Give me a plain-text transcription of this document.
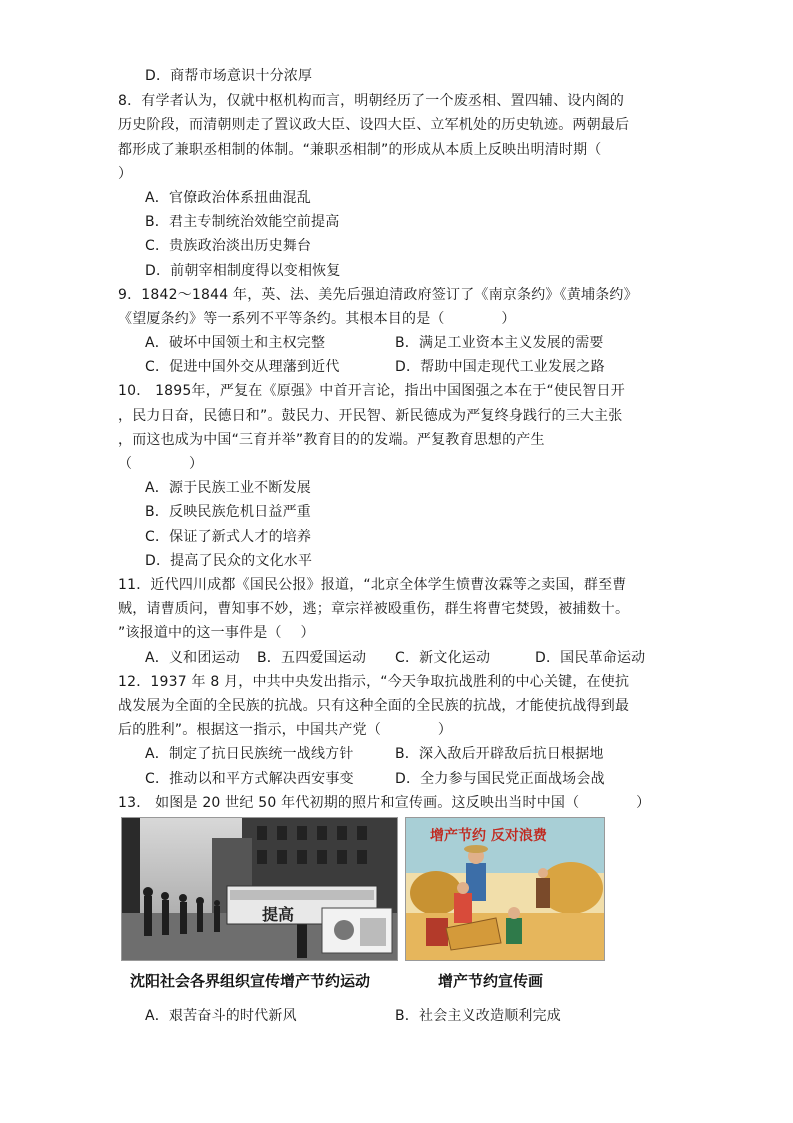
D．商帮市场意识十分浓厚
8．有学者认为，仅就中枢机构而言，明朝经历了一个废丞相、置四辅、设内阁的
历史阶段，而清朝则走了置议政大臣、设四大臣、立军机处的历史轨迹。两朝最后
都形成了兼职丞相制的体制。“兼职丞相制”的形成从本质上反映出明清时期（
）
A．官僚政治体系扭曲混乱
B．君主专制统治效能空前提高
C．贵族政治淡出历史舞台
D．前朝宰相制度得以变相恢复
9．1842～1844 年，英、法、美先后强迫清政府签订了《南京条约》《黄埔条约》
《望厦条约》等一系列不平等条约。其根本目的是（　　　　）
A．破坏中国领土和主权完整	B．满足工业资本主义发展的需要
C．促进中国外交从理藩到近代	D．帮助中国走现代工业发展之路
10． 1895年，严复在《原强》中首开言论，指出中国图强之本在于“使民智日开
，民力日奋，民德日和”。鼓民力、开民智、新民德成为严复终身践行的三大主张
，而这也成为中国“三育并举”教育目的的发端。严复教育思想的产生
（　　　　）
A．源于民族工业不断发展
B．反映民族危机日益严重
C．保证了新式人才的培养
D．提高了民众的文化水平
11．近代四川成都《国民公报》报道，“北京全体学生愤曹汝霖等之卖国，群至曹
贼，请曹质问，曹知事不妙，逃；章宗祥被殴重伤，群生将曹宅焚毁，被捕数十。
”该报道中的这一事件是（　 ）
A．义和团运动 B．五四爱国运动 C．新文化运动	D．国民革命运动
12．1937 年 8 月，中共中央发出指示，“今天争取抗战胜利的中心关键，在使抗
战发展为全面的全民族的抗战。只有这种全面的全民族的抗战，才能使抗战得到最
后的胜利”。根据这一指示，中国共产党（　　　　）
A．制定了抗日民族统一战线方针	B．深入敌后开辟敌后抗日根据地
C．推动以和平方式解决西安事变	D．全力参与国民党正面战场会战
13． 如图是 20 世纪 50 年代初期的照片和宣传画。这反映出当时中国（　　　　）
提高
增产节约 反对浪费
沈阳社会各界组织宣传增产节约运动	增产节约宣传画
A．艰苦奋斗的时代新风	B．社会主义改造顺利完成
